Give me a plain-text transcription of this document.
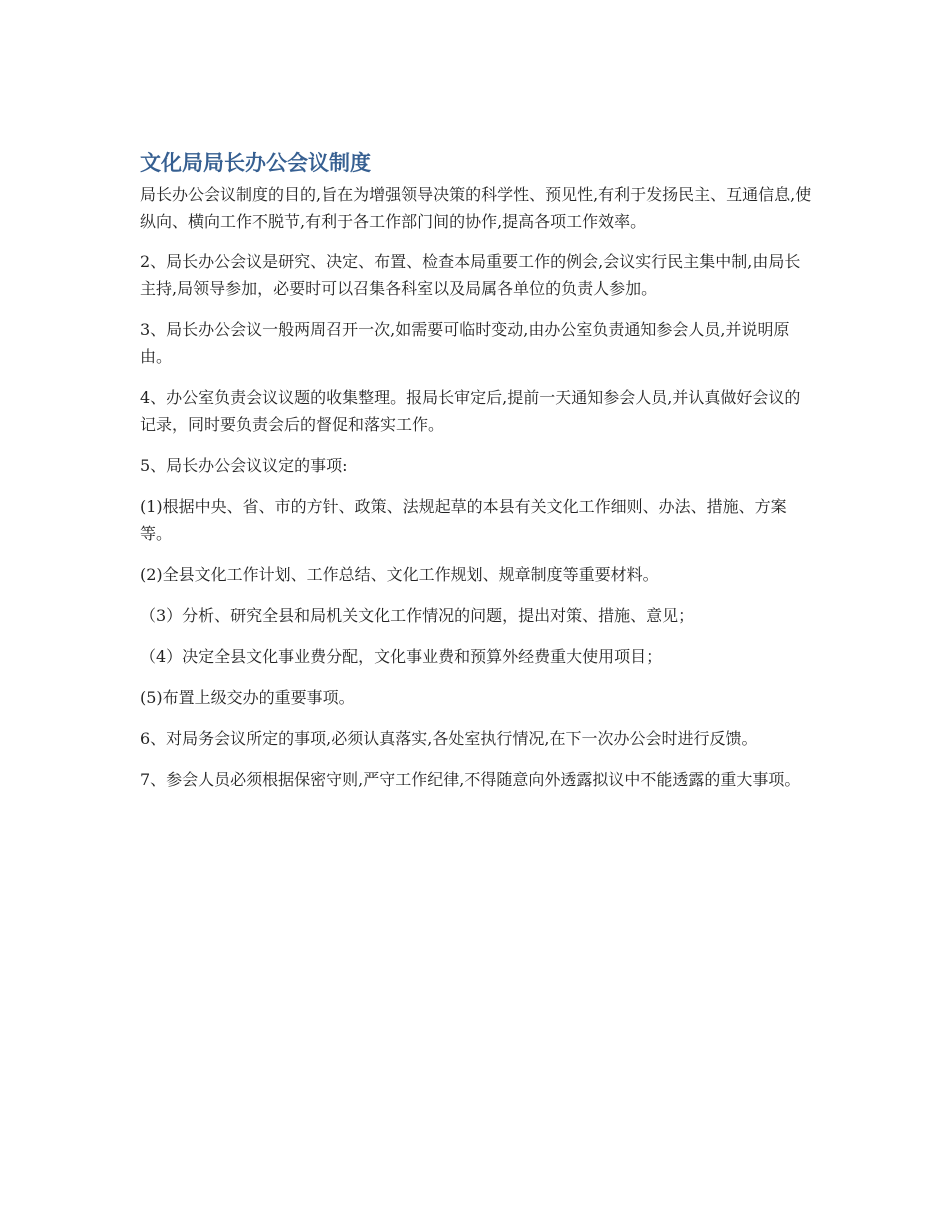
文化局局长办公会议制度

局长办公会议制度的目的,旨在为增强领导决策的科学性、预见性,有利于发扬民主、互通信息,使纵向、横向工作不脱节,有利于各工作部门间的协作,提高各项工作效率。

2、局长办公会议是研究、决定、布置、检查本局重要工作的例会,会议实行民主集中制,由局长主持,局领导参加，必要时可以召集各科室以及局属各单位的负责人参加。

3、局长办公会议一般两周召开一次,如需要可临时变动,由办公室负责通知参会人员,并说明原由。

4、办公室负责会议议题的收集整理。报局长审定后,提前一天通知参会人员,并认真做好会议的记录，同时要负责会后的督促和落实工作。

5、局长办公会议议定的事项:

(1)根据中央、省、市的方针、政策、法规起草的本县有关文化工作细则、办法、措施、方案等。

(2)全县文化工作计划、工作总结、文化工作规划、规章制度等重要材料。

（3）分析、研究全县和局机关文化工作情况的问题，提出对策、措施、意见；

（4）决定全县文化事业费分配，文化事业费和预算外经费重大使用项目；

(5)布置上级交办的重要事项。

6、对局务会议所定的事项,必须认真落实,各处室执行情况,在下一次办公会时进行反馈。

7、参会人员必须根据保密守则,严守工作纪律,不得随意向外透露拟议中不能透露的重大事项。
